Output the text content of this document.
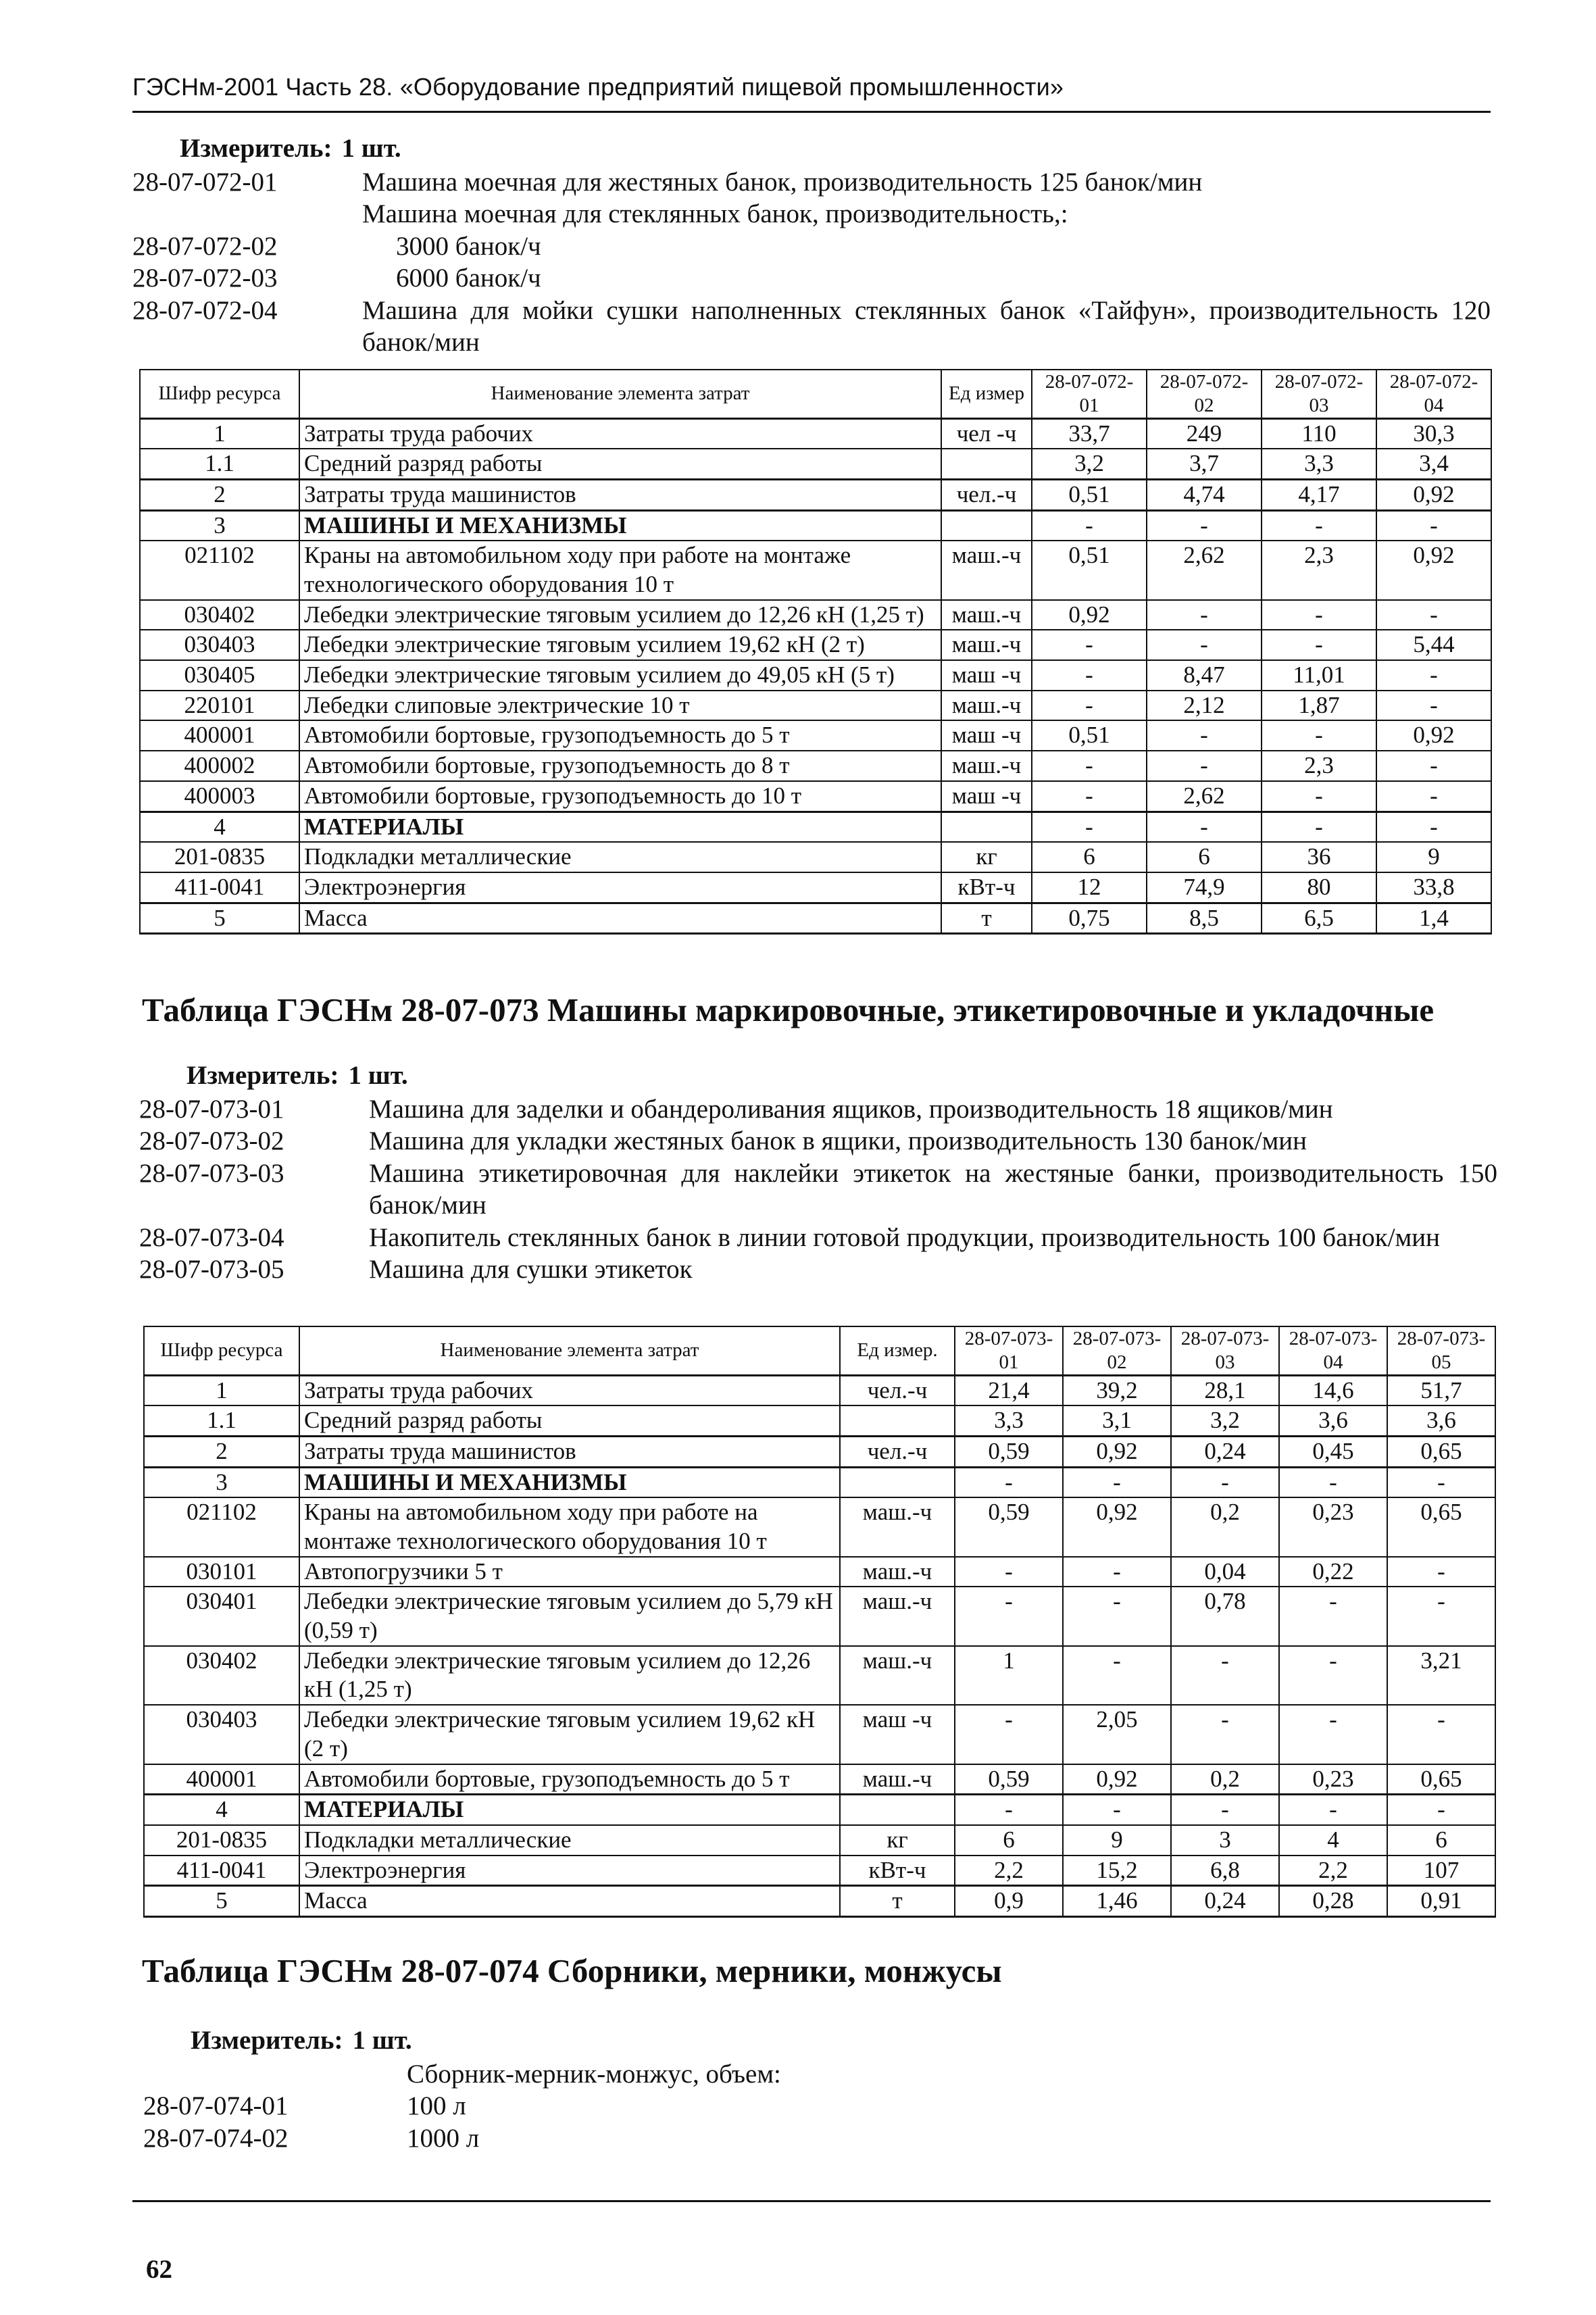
ГЭСНм-2001 Часть 28. «Оборудование предприятий пищевой промышленности»
Измеритель: 1 шт.
28-07-072-01	Машина моечная для жестяных банок, производительность 125 банок/мин
Машина моечная для стеклянных банок, производительность,:
28-07-072-02	3000 банок/ч
28-07-072-03	6000 банок/ч
28-07-072-04	Машина для мойки сушки наполненных стеклянных банок «Тайфун», производительность 120 банок/мин
Шифр ресурса	Наименование элемента затрат	Ед измер	28-07-072-01	28-07-072-02	28-07-072-03	28-07-072-04
1	Затраты труда рабочих	чел -ч	33,7	249	110	30,3
1.1	Средний разряд работы		3,2	3,7	3,3	3,4
2	Затраты труда машинистов	чел.-ч	0,51	4,74	4,17	0,92
3	МАШИНЫ И МЕХАНИЗМЫ		-	-	-	-
021102	Краны на автомобильном ходу при работе на монтаже технологического оборудования 10 т	маш.-ч	0,51	2,62	2,3	0,92
030402	Лебедки электрические тяговым усилием до 12,26 кН (1,25 т)	маш.-ч	0,92	-	-	-
030403	Лебедки электрические тяговым усилием 19,62 кН (2 т)	маш.-ч	-	-	-	5,44
030405	Лебедки электрические тяговым усилием до 49,05 кН (5 т)	маш -ч	-	8,47	11,01	-
220101	Лебедки слиповые электрические 10 т	маш.-ч	-	2,12	1,87	-
400001	Автомобили бортовые, грузоподъемность до 5 т	маш -ч	0,51	-	-	0,92
400002	Автомобили бортовые, грузоподъемность до 8 т	маш.-ч	-	-	2,3	-
400003	Автомобили бортовые, грузоподъемность до 10 т	маш -ч	-	2,62	-	-
4	МАТЕРИАЛЫ		-	-	-	-
201-0835	Подкладки металлические	кг	6	6	36	9
411-0041	Электроэнергия	кВт-ч	12	74,9	80	33,8
5	Масса	т	0,75	8,5	6,5	1,4
Таблица ГЭСНм 28-07-073 Машины маркировочные, этикетировочные и укладочные
Измеритель: 1 шт.
28-07-073-01	Машина для заделки и обандероливания ящиков, производительность 18 ящиков/мин
28-07-073-02	Машина для укладки жестяных банок в ящики, производительность 130 банок/мин
28-07-073-03	Машина этикетировочная для наклейки этикеток на жестяные банки, производительность 150 банок/мин
28-07-073-04	Накопитель стеклянных банок в линии готовой продукции, производительность 100 банок/мин
28-07-073-05	Машина для сушки этикеток
Шифр ресурса	Наименование элемента затрат	Ед измер.	28-07-073-01	28-07-073-02	28-07-073-03	28-07-073-04	28-07-073-05
1	Затраты труда рабочих	чел.-ч	21,4	39,2	28,1	14,6	51,7
1.1	Средний разряд работы		3,3	3,1	3,2	3,6	3,6
2	Затраты труда машинистов	чел.-ч	0,59	0,92	0,24	0,45	0,65
3	МАШИНЫ И МЕХАНИЗМЫ		-	-	-	-	-
021102	Краны на автомобильном ходу при работе на монтаже технологического оборудования 10 т	маш.-ч	0,59	0,92	0,2	0,23	0,65
030101	Автопогрузчики 5 т	маш.-ч	-	-	0,04	0,22	-
030401	Лебедки электрические тяговым усилием до 5,79 кН (0,59 т)	маш.-ч	-	-	0,78	-	-
030402	Лебедки электрические тяговым усилием до 12,26 кН (1,25 т)	маш.-ч	1	-	-	-	3,21
030403	Лебедки электрические тяговым усилием 19,62 кН (2 т)	маш -ч	-	2,05	-	-	-
400001	Автомобили бортовые, грузоподъемность до 5 т	маш.-ч	0,59	0,92	0,2	0,23	0,65
4	МАТЕРИАЛЫ		-	-	-	-	-
201-0835	Подкладки металлические	кг	6	9	3	4	6
411-0041	Электроэнергия	кВт-ч	2,2	15,2	6,8	2,2	107
5	Масса	т	0,9	1,46	0,24	0,28	0,91
Таблица ГЭСНм 28-07-074 Сборники, мерники, монжусы
Измеритель: 1 шт.
Сборник-мерник-монжус, объем:
28-07-074-01	100 л
28-07-074-02	1000 л
62
